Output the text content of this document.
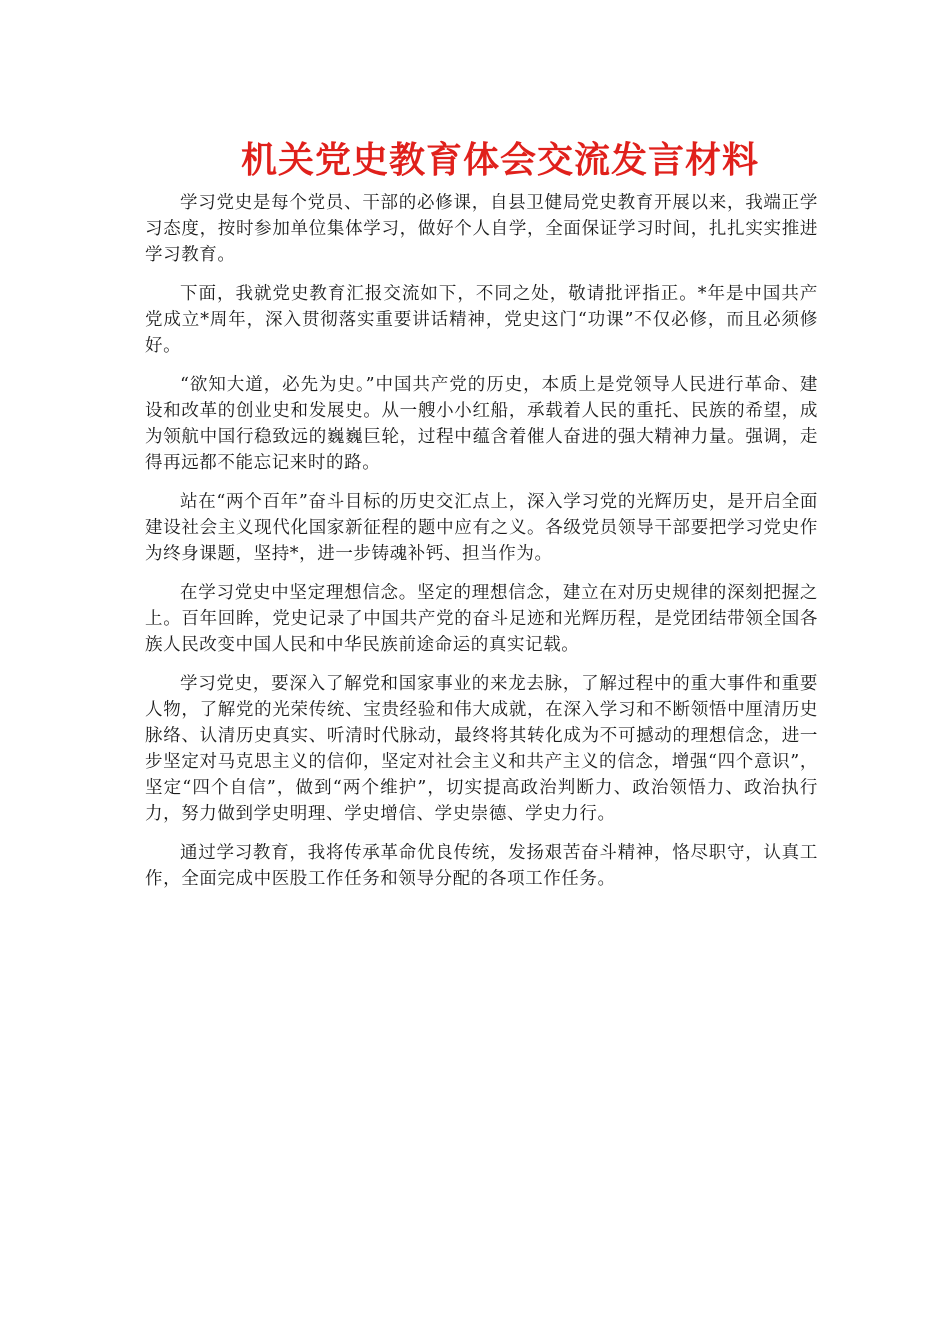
机关党史教育体会交流发言材料

学习党史是每个党员、干部的必修课，自县卫健局党史教育开展以来，我端正学习态度，按时参加单位集体学习，做好个人自学，全面保证学习时间，扎扎实实推进学习教育。

下面，我就党史教育汇报交流如下，不同之处，敬请批评指正。*年是中国共产党成立*周年，深入贯彻落实重要讲话精神，党史这门“功课”不仅必修，而且必须修好。

“欲知大道，必先为史。”中国共产党的历史，本质上是党领导人民进行革命、建设和改革的创业史和发展史。从一艘小小红船，承载着人民的重托、民族的希望，成为领航中国行稳致远的巍巍巨轮，过程中蕴含着催人奋进的强大精神力量。强调，走得再远都不能忘记来时的路。

站在“两个百年”奋斗目标的历史交汇点上，深入学习党的光辉历史，是开启全面建设社会主义现代化国家新征程的题中应有之义。各级党员领导干部要把学习党史作为终身课题，坚持*，进一步铸魂补钙、担当作为。

在学习党史中坚定理想信念。坚定的理想信念，建立在对历史规律的深刻把握之上。百年回眸，党史记录了中国共产党的奋斗足迹和光辉历程，是党团结带领全国各族人民改变中国人民和中华民族前途命运的真实记载。

学习党史，要深入了解党和国家事业的来龙去脉，了解过程中的重大事件和重要人物，了解党的光荣传统、宝贵经验和伟大成就，在深入学习和不断领悟中厘清历史脉络、认清历史真实、听清时代脉动，最终将其转化成为不可撼动的理想信念，进一步坚定对马克思主义的信仰，坚定对社会主义和共产主义的信念，增强“四个意识”，坚定“四个自信”，做到“两个维护”，切实提高政治判断力、政治领悟力、政治执行力，努力做到学史明理、学史增信、学史崇德、学史力行。

通过学习教育，我将传承革命优良传统，发扬艰苦奋斗精神，恪尽职守，认真工作，全面完成中医股工作任务和领导分配的各项工作任务。
